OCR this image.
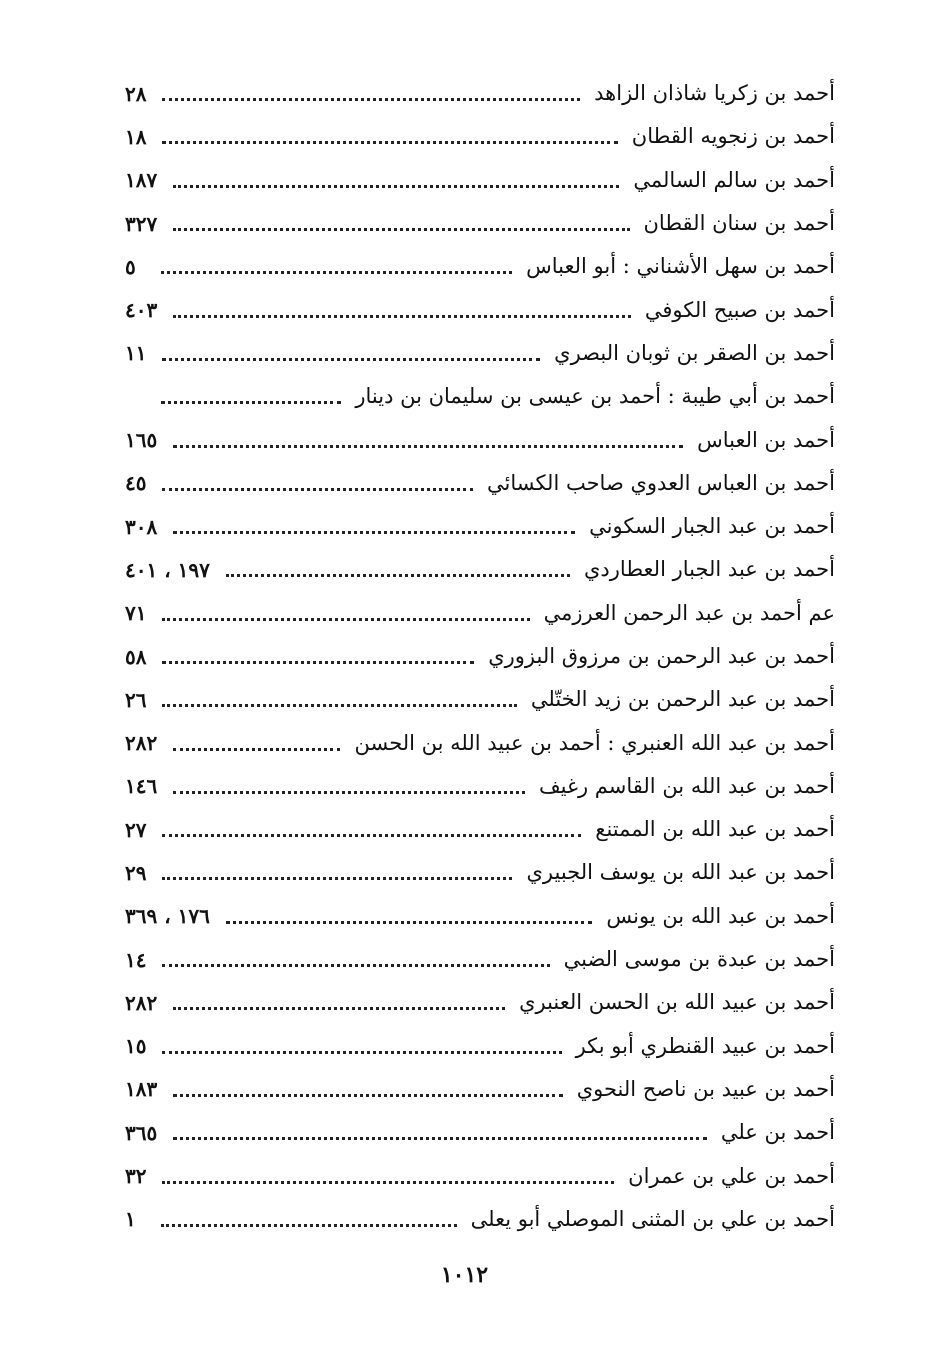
أحمد بن زكريا شاذان الزاهد
٢٨
أحمد بن زنجويه القطان
١٨
أحمد بن سالم السالمي
١٨٧
أحمد بن سنان القطان
٣٢٧
أحمد بن سهل الأشناني : أبو العباس
٥
أحمد بن صبيح الكوفي
٤٠٣
أحمد بن الصقر بن ثوبان البصري
١١
أحمد بن أبي طيبة : أحمد بن عيسى بن سليمان بن دينار
أحمد بن العباس
١٦٥
أحمد بن العباس العدوي صاحب الكسائي
٤٥
أحمد بن عبد الجبار السكوني
٣٠٨
أحمد بن عبد الجبار العطاردي
١٩٧ ، ٤٠١
عم أحمد بن عبد الرحمن العرزمي
٧١
أحمد بن عبد الرحمن بن مرزوق البزوري
٥٨
أحمد بن عبد الرحمن بن زيد الختّلي
٢٦
أحمد بن عبد الله العنبري : أحمد بن عبيد الله بن الحسن
٢٨٢
أحمد بن عبد الله بن القاسم رغيف
١٤٦
أحمد بن عبد الله بن الممتنع
٢٧
أحمد بن عبد الله بن يوسف الجبيري
٢٩
أحمد بن عبد الله بن يونس
١٧٦ ، ٣٦٩
أحمد بن عبدة بن موسى الضبي
١٤
أحمد بن عبيد الله بن الحسن العنبري
٢٨٢
أحمد بن عبيد القنطري أبو بكر
١٥
أحمد بن عبيد بن ناصح النحوي
١٨٣
أحمد بن علي
٣٦٥
أحمد بن علي بن عمران
٣٢
أحمد بن علي بن المثنى الموصلي أبو يعلى
١
١٠١٢
